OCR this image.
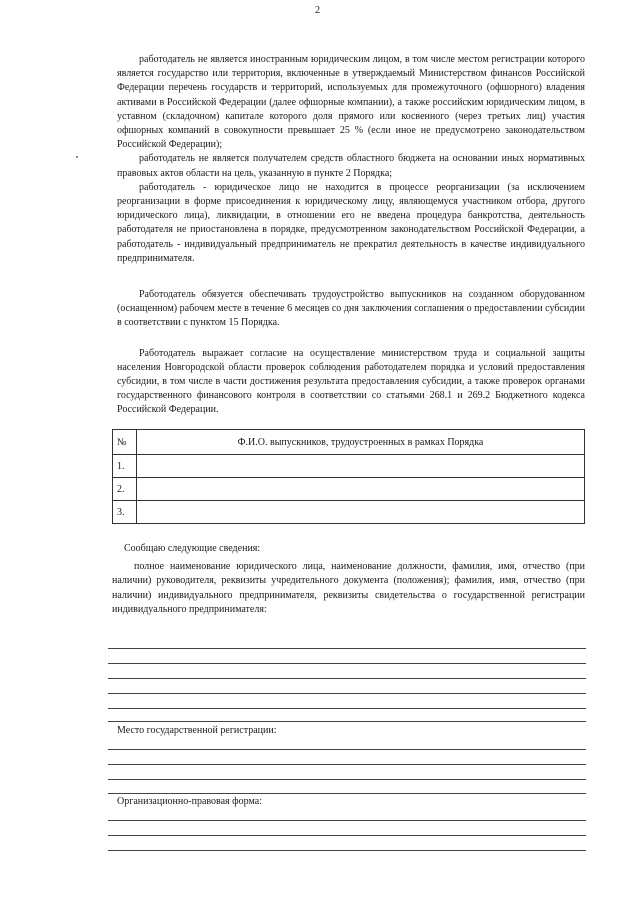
2

работодатель не является иностранным юридическим лицом, в том числе местом регистрации которого является государство или территория, включенные в утверждаемый Министерством финансов Российской Федерации перечень государств и территорий, используемых для промежуточного (офшорного) владения активами в Российской Федерации (далее офшорные компании), а также российским юридическим лицом, в уставном (складочном) капитале которого доля прямого или косвенного (через третьих лиц) участия офшорных компаний в совокупности превышает 25 % (если иное не предусмотрено законодательством Российской Федерации);

работодатель не является получателем средств областного бюджета на основании иных нормативных правовых актов области на цель, указанную в пункте 2 Порядка;

работодатель - юридическое лицо не находится в процессе реорганизации (за исключением реорганизации в форме присоединения к юридическому лицу, являющемуся участником отбора, другого юридического лица), ликвидации, в отношении его не введена процедура банкротства, деятельность работодателя не приостановлена в порядке, предусмотренном законодательством Российской Федерации, а работодатель - индивидуальный предприниматель не прекратил деятельность в качестве индивидуального предпринимателя.

Работодатель обязуется обеспечивать трудоустройство выпускников на созданном оборудованном (оснащенном) рабочем месте в течение 6 месяцев со дня заключения соглашения о предоставлении субсидии в соответствии с пунктом 15 Порядка.

Работодатель выражает согласие на осуществление министерством труда и социальной защиты населения Новгородской области проверок соблюдения работодателем порядка и условий предоставления субсидии, в том числе в части достижения результата предоставления субсидии, а также проверок органами государственного финансового контроля в соответствии со статьями 268.1 и 269.2 Бюджетного кодекса Российской Федерации.

№	Ф.И.О. выпускников, трудоустроенных в рамках Порядка
1.	
2.	
3.	

Сообщаю следующие сведения:

полное наименование юридического лица, наименование должности, фамилия, имя, отчество (при наличии) руководителя, реквизиты учредительного документа (положения); фамилия, имя, отчество (при наличии) индивидуального предпринимателя, реквизиты свидетельства о государственной регистрации индивидуального предпринимателя:

Место государственной регистрации:
Организационно-правовая форма:
